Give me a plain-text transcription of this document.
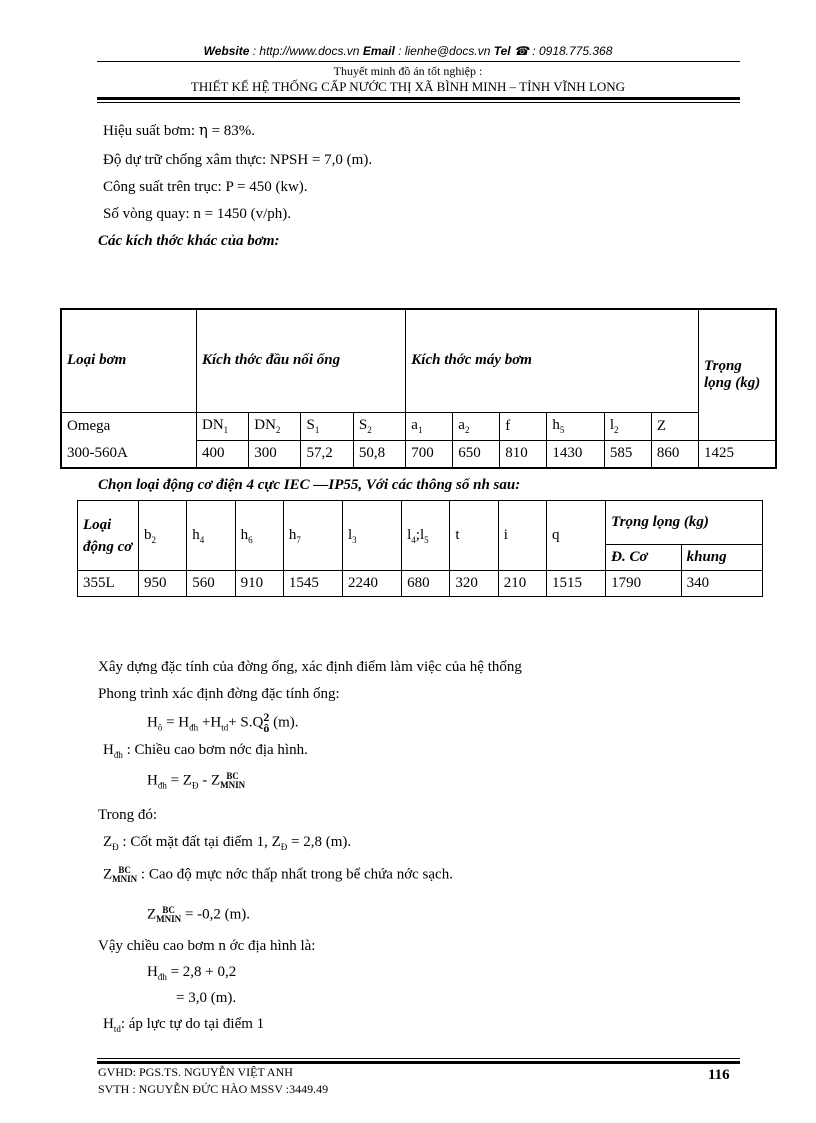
Website : http://www.docs.vn Email : lienhe@docs.vn Tel ☎ : 0918.775.368
Thuyết minh đồ án tốt nghiệp :
THIẾT KẾ HỆ THỐNG CẤP NƯỚC THỊ XÃ BÌNH MINH – TỈNH VĨNH LONG
Hiệu suất bơm: η = 83%.
Độ dự trữ chống xâm thực: NPSH = 7,0 (m).
Công suất trên trục: P = 450 (kw).
Số vòng quay: n = 1450 (v/ph).
Các kích thớc khác của bơm:
Loại bơm	Kích thớc đầu nối ống				Kích thớc máy bơm						Trọng lọng (kg)
Omega	$DN_1$	$DN_2$	$S_1$	$S_2$	$a_1$	$a_2$	f	$h_5$	$l_2$	Z	
300-560A	400	300	57,2	50,8	700	650	810	1430	585	860	1425
Chọn loại động cơ điện 4 cực IEC —IP55, Với các thông số nh sau:
Loại động cơ	$b_2$	$h_4$	$h_6$	$h_7$	$l_3$	$l_4;l_5$	t	i	q	Trọng lọng (kg)	
										Đ. Cơ	khung
355L	950	560	910	1545	2240	680	320	210	1515	1790	340
Xây dựng đặc tính của đờng ống, xác định điểm làm việc của hệ thống
Phong trình xác định đờng đặc tính ống:
$H_ô = H_{đh} +H_{td}+ S.Q2$
ô (m).
$H_{đh}$ : Chiều cao bơm nớc địa hình.
$H_{đh} = Z_Đ - Z$ BC
MNIN
Trong đó:
$Z_Đ$ : Cốt mặt đất tại điểm 1, $Z_Đ = 2,8$ (m).
Z BC
MNIN : Cao độ mực nớc thấp nhất trong bể chứa nớc sạch.
Z BC
MNIN = -0,2 (m).
Vậy chiều cao bơm n ớc địa hình là:
$H_{đh} = 2,8 + 0,2$
= 3,0 (m).
$H_{td}$: áp lực tự do tại điểm 1
GVHD: PGS.TS. NGUYỄN VIỆT ANH
SVTH : NGUYỄN ĐỨC HÀO MSSV :3449.49
116
